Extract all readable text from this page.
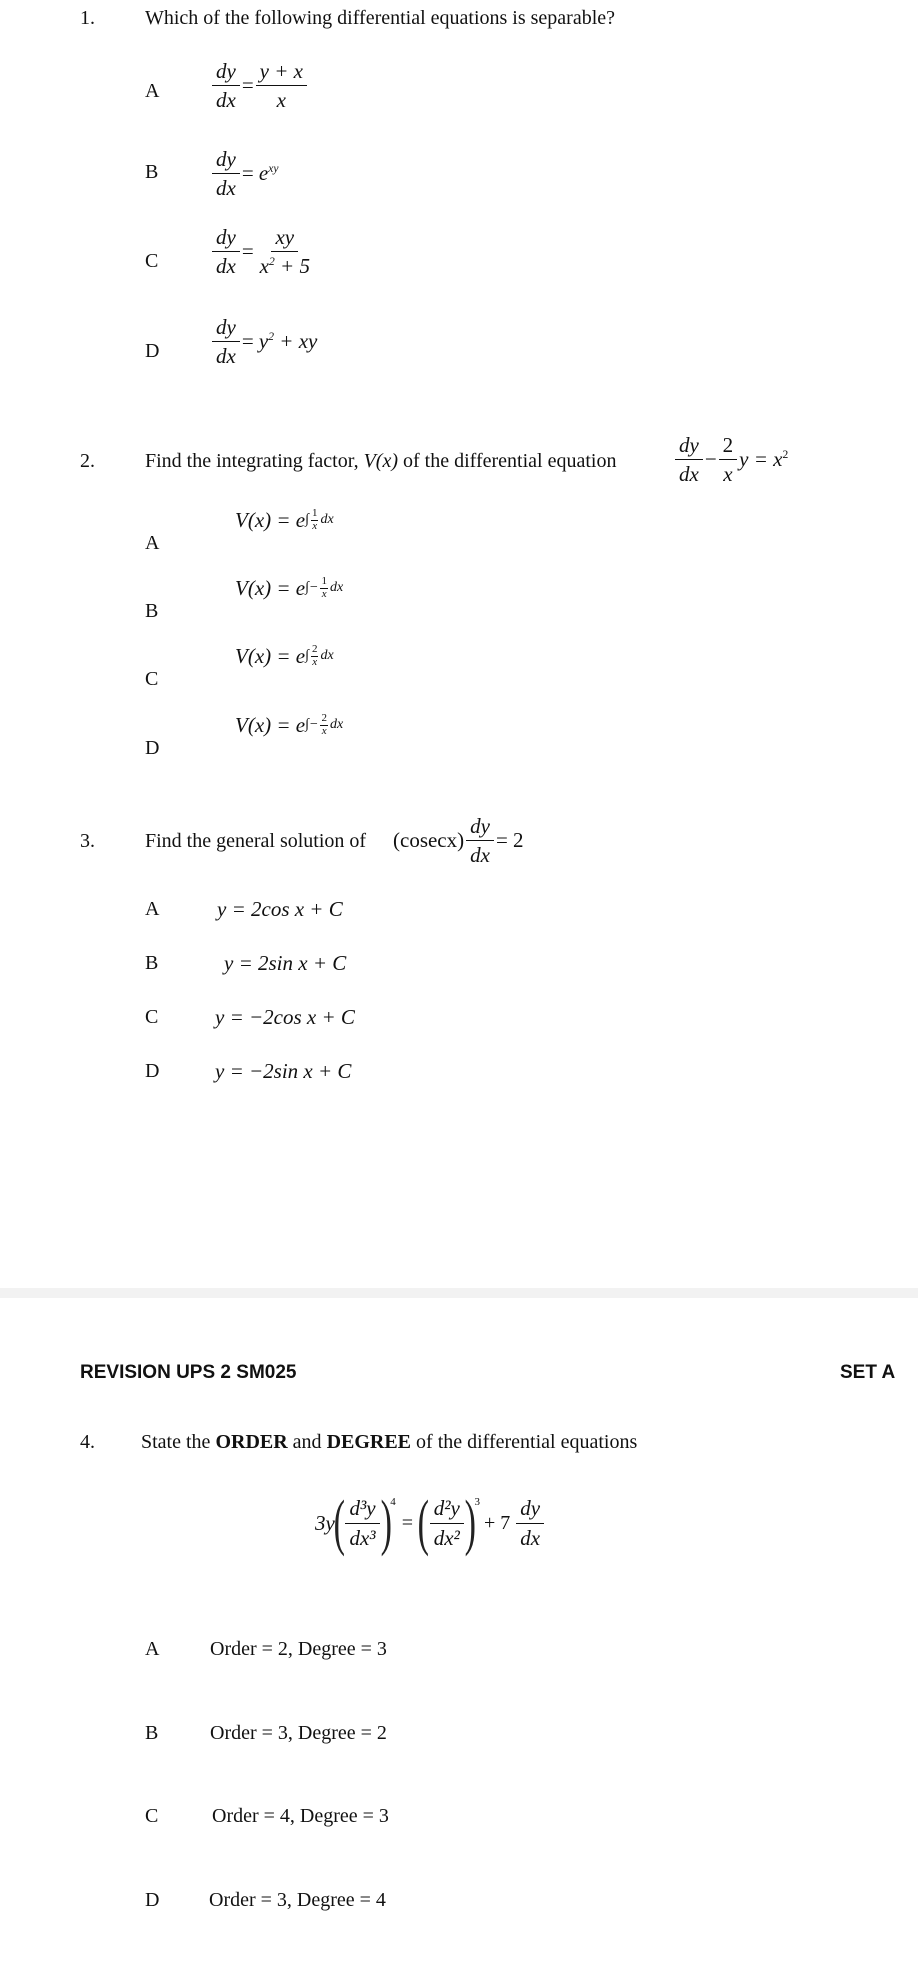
1.	Which of the following differential equations is separable?
A	$\frac{dy}{dx} = \frac{y + x}{x}$
B	$\frac{dy}{dx} = e^{xy}$
C	$\frac{dy}{dx} = \frac{xy}{x^2 + 5}$
D	$\frac{dy}{dx} = y^2$ + xy
2.	Find the integrating factor, V(x) of the differential equation	$\frac{dy}{dx} - \frac{2}{x}$ $y = x^2$
A
V(x) = e ∫ $\frac{1}{x}$ dx
B
V(x) = e ∫− $\frac{1}{x}$ dx
C
V(x) = e ∫ $\frac{2}{x}$ dx
D
V(x) = e ∫− $\frac{2}{x}$ dx
3.	Find the general solution of $(cosecx) \frac{dy}{dx} = 2$
A	y = 2cos x + C
B	y = 2sin x + C
C	y = −2cos x + C
D	y = −2sin x + C
REVISION UPS 2 SM025	SET A
4. State the ORDER and DEGREE of the differential equations
3y
( $\frac{\text{d³y}}{\text{dx³}}$ )
4
= ( $\frac{\text{d²y}}{\text{dx²}}$ )
3
+ $7 \frac{dy}{dx}$
A	Order = 2, Degree = 3
B	Order = 3, Degree = 2
C	Order = 4, Degree = 3
D Order = 3, Degree = 4
